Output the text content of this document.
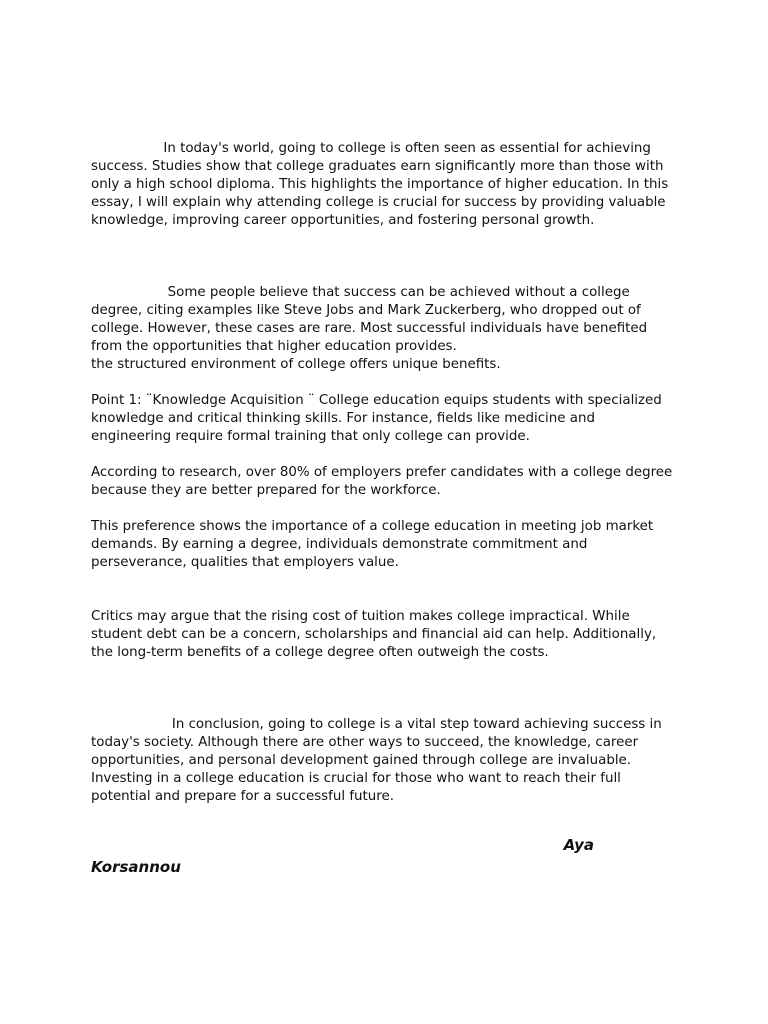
In today's world, going to college is often seen as essential for achieving success. Studies show that college graduates earn significantly more than those with only a high school diploma. This highlights the importance of higher education. In this essay, I will explain why attending college is crucial for success by providing valuable knowledge, improving career opportunities, and fostering personal growth.

Some people believe that success can be achieved without a college degree, citing examples like Steve Jobs and Mark Zuckerberg, who dropped out of college. However, these cases are rare. Most successful individuals have benefited from the opportunities that higher education provides.

the structured environment of college offers unique benefits.

Point 1: ¨Knowledge Acquisition ¨ College education equips students with specialized knowledge and critical thinking skills. For instance, fields like medicine and engineering require formal training that only college can provide.

According to research, over 80% of employers prefer candidates with a college degree because they are better prepared for the workforce.

This preference shows the importance of a college education in meeting job market demands. By earning a degree, individuals demonstrate commitment and perseverance, qualities that employers value.

Critics may argue that the rising cost of tuition makes college impractical. While student debt can be a concern, scholarships and financial aid can help. Additionally, the long-term benefits of a college degree often outweigh the costs.

In conclusion, going to college is a vital step toward achieving success in today's society. Although there are other ways to succeed, the knowledge, career opportunities, and personal development gained through college are invaluable. Investing in a college education is crucial for those who want to reach their full potential and prepare for a successful future.

Aya
Korsannou
